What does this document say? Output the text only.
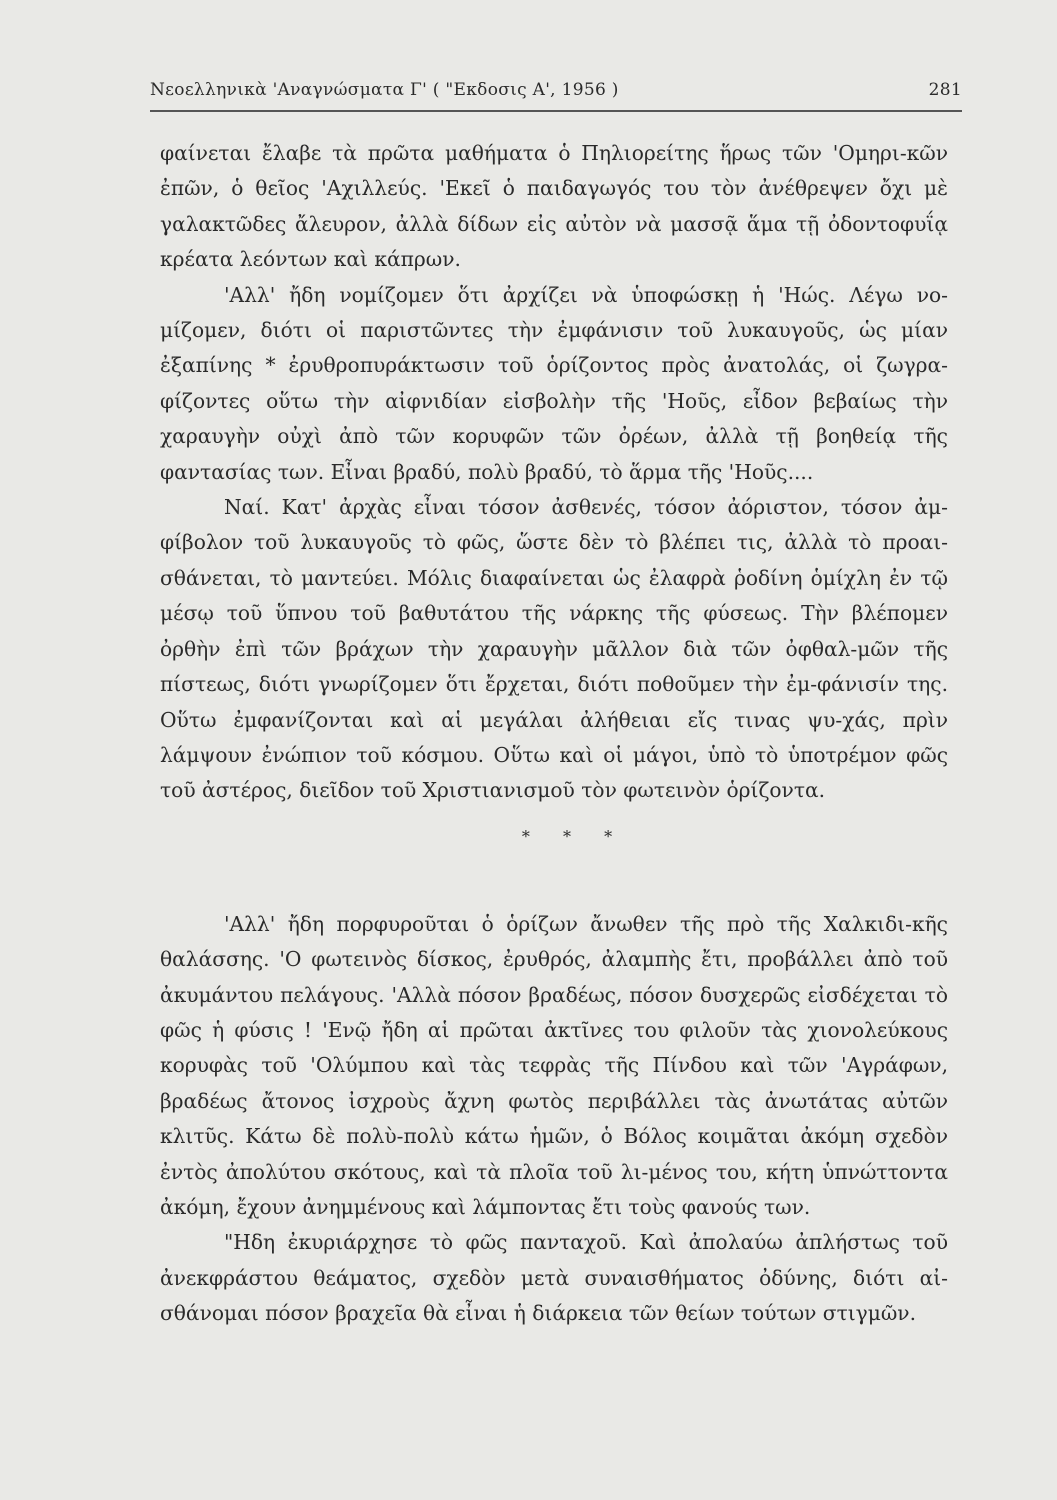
Νεοελληνικὰ 'Αναγνώσματα Γ' ( "Εκδοσις Α', 1956 )	281

φαίνεται ἔλαβε τὰ πρῶτα μαθήματα ὁ Πηλιορείτης ἥρως τῶν 'Ομηρι-κῶν ἐπῶν, ὁ θεῖος 'Αχιλλεύς. 'Εκεῖ ὁ παιδαγωγός του τὸν ἀνέθρεψεν ὄχι μὲ γαλακτῶδες ἄλευρον, ἀλλὰ δίδων εἰς αὐτὸν νὰ μασσᾷ ἅμα τῇ ὀδοντοφυΐᾳ κρέατα λεόντων καὶ κάπρων.

'Αλλ' ἤδη νομίζομεν ὅτι ἀρχίζει νὰ ὑποφώσκῃ ἡ 'Ηώς. Λέγω νο-μίζομεν, διότι οἱ παριστῶντες τὴν ἐμφάνισιν τοῦ λυκαυγοῦς, ὡς μίαν ἐξαπίνης * ἐρυθροπυράκτωσιν τοῦ ὁρίζοντος πρὸς ἀνατολάς, οἱ ζωγρα-φίζοντες οὕτω τὴν αἰφνιδίαν εἰσβολὴν τῆς 'Ηοῦς, εἶδον βεβαίως τὴν χαραυγὴν οὐχὶ ἀπὸ τῶν κορυφῶν τῶν ὀρέων, ἀλλὰ τῇ βοηθείᾳ τῆς φαντασίας των. Εἶναι βραδύ, πολὺ βραδύ, τὸ ἅρμα τῆς 'Ηοῦς....

Ναί. Κατ' ἀρχὰς εἶναι τόσον ἀσθενές, τόσον ἀόριστον, τόσον ἀμ-φίβολον τοῦ λυκαυγοῦς τὸ φῶς, ὥστε δὲν τὸ βλέπει τις, ἀλλὰ τὸ προαι-σθάνεται, τὸ μαντεύει. Μόλις διαφαίνεται ὡς ἐλαφρὰ ῥοδίνη ὁμίχλη ἐν τῷ μέσῳ τοῦ ὕπνου τοῦ βαθυτάτου τῆς νάρκης τῆς φύσεως. Τὴν βλέπομεν ὀρθὴν ἐπὶ τῶν βράχων τὴν χαραυγὴν μᾶλλον διὰ τῶν ὀφθαλ-μῶν τῆς πίστεως, διότι γνωρίζομεν ὅτι ἔρχεται, διότι ποθοῦμεν τὴν ἐμ-φάνισίν της. Οὕτω ἐμφανίζονται καὶ αἱ μεγάλαι ἀλήθειαι εἴς τινας ψυ-χάς, πρὶν λάμψουν ἐνώπιον τοῦ κόσμου. Οὕτω καὶ οἱ μάγοι, ὑπὸ τὸ ὑποτρέμον φῶς τοῦ ἀστέρος, διεῖδον τοῦ Χριστιανισμοῦ τὸν φωτεινὸν ὁρίζοντα.

* * *

'Αλλ' ἤδη πορφυροῦται ὁ ὁρίζων ἄνωθεν τῆς πρὸ τῆς Χαλκιδι-κῆς θαλάσσης. 'Ο φωτεινὸς δίσκος, ἐρυθρός, ἀλαμπὴς ἔτι, προβάλλει ἀπὸ τοῦ ἀκυμάντου πελάγους. 'Αλλὰ πόσον βραδέως, πόσον δυσχερῶς εἰσδέχεται τὸ φῶς ἡ φύσις ! 'Ενῷ ἤδη αἱ πρῶται ἀκτῖνες του φιλοῦν τὰς χιονολεύκους κορυφὰς τοῦ 'Ολύμπου καὶ τὰς τεφρὰς τῆς Πίνδου καὶ τῶν 'Αγράφων, βραδέως ἄτονος ἰσχροὺς ἄχνη φωτὸς περιβάλλει τὰς ἀνωτάτας αὐτῶν κλιτῦς. Κάτω δὲ πολὺ-πολὺ κάτω ἡμῶν, ὁ Βόλος κοιμᾶται ἀκόμη σχεδὸν ἐντὸς ἀπολύτου σκότους, καὶ τὰ πλοῖα τοῦ λι-μένος του, κήτη ὑπνώττοντα ἀκόμη, ἔχουν ἀνημμένους καὶ λάμποντας ἔτι τοὺς φανούς των.

"Ηδη ἐκυριάρχησε τὸ φῶς πανταχοῦ. Καὶ ἀπολαύω ἀπλήστως τοῦ ἀνεκφράστου θεάματος, σχεδὸν μετὰ συναισθήματος ὀδύνης, διότι αἰ-σθάνομαι πόσον βραχεῖα θὰ εἶναι ἡ διάρκεια τῶν θείων τούτων στιγμῶν.
